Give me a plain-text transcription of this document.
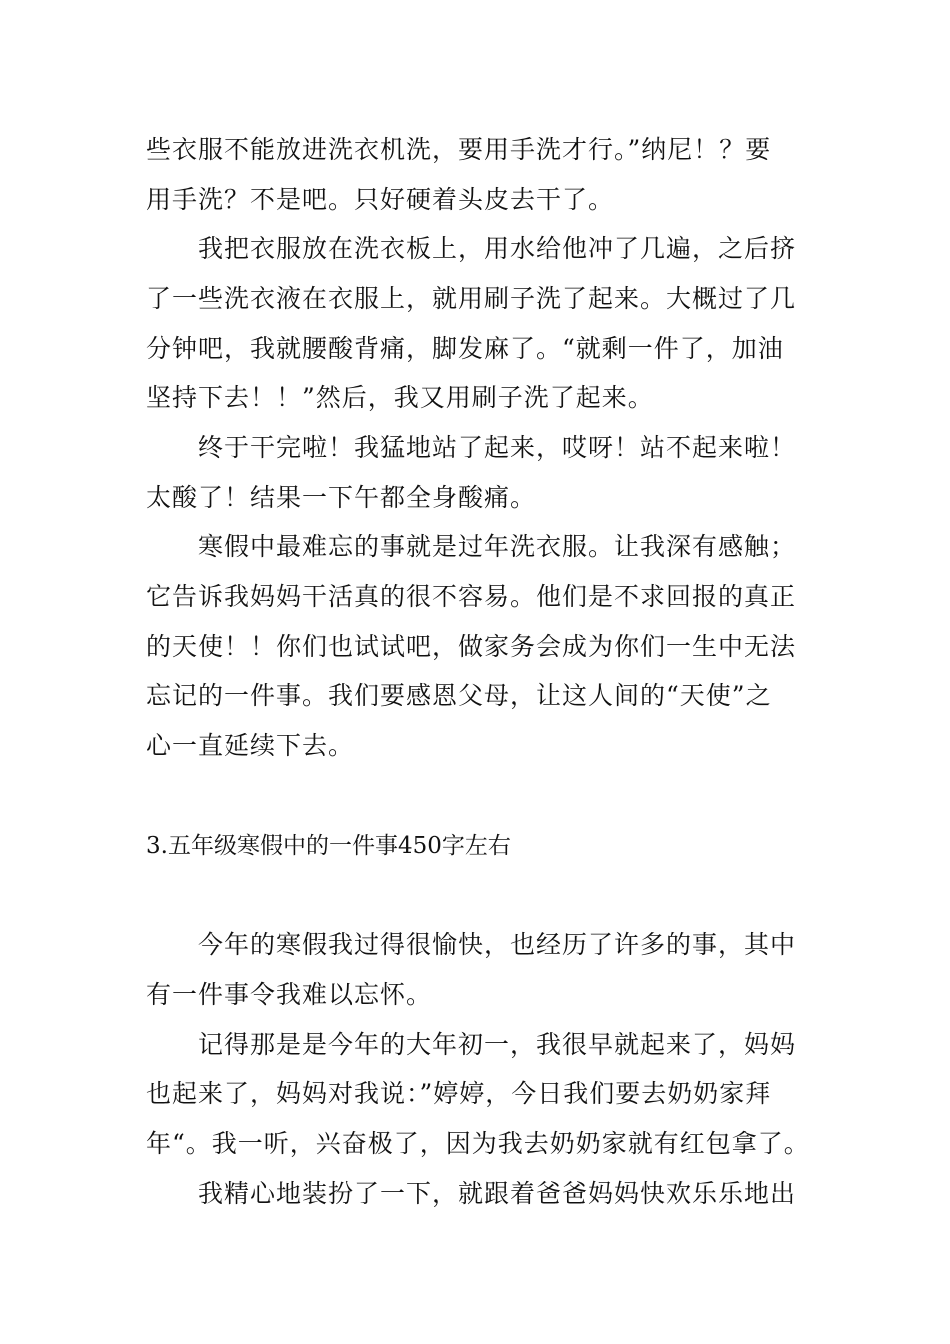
些衣服不能放进洗衣机洗，要用手洗才行。”纳尼！？要
用手洗？不是吧。只好硬着头皮去干了。
我把衣服放在洗衣板上，用水给他冲了几遍，之后挤
了一些洗衣液在衣服上，就用刷子洗了起来。大概过了几
分钟吧，我就腰酸背痛，脚发麻了。“就剩一件了，加油
坚持下去！！”然后，我又用刷子洗了起来。
终于干完啦！我猛地站了起来，哎呀！站不起来啦！
太酸了！结果一下午都全身酸痛。
寒假中最难忘的事就是过年洗衣服。让我深有感触；
它告诉我妈妈干活真的很不容易。他们是不求回报的真正
的天使！！你们也试试吧，做家务会成为你们一生中无法
忘记的一件事。我们要感恩父母，让这人间的“天使”之
心一直延续下去。
3.五年级寒假中的一件事450字左右
今年的寒假我过得很愉快，也经历了许多的事，其中
有一件事令我难以忘怀。
记得那是是今年的大年初一，我很早就起来了，妈妈
也起来了，妈妈对我说：”婷婷，今日我们要去奶奶家拜
年“。我一听，兴奋极了，因为我去奶奶家就有红包拿了。
我精心地装扮了一下，就跟着爸爸妈妈快欢乐乐地出
